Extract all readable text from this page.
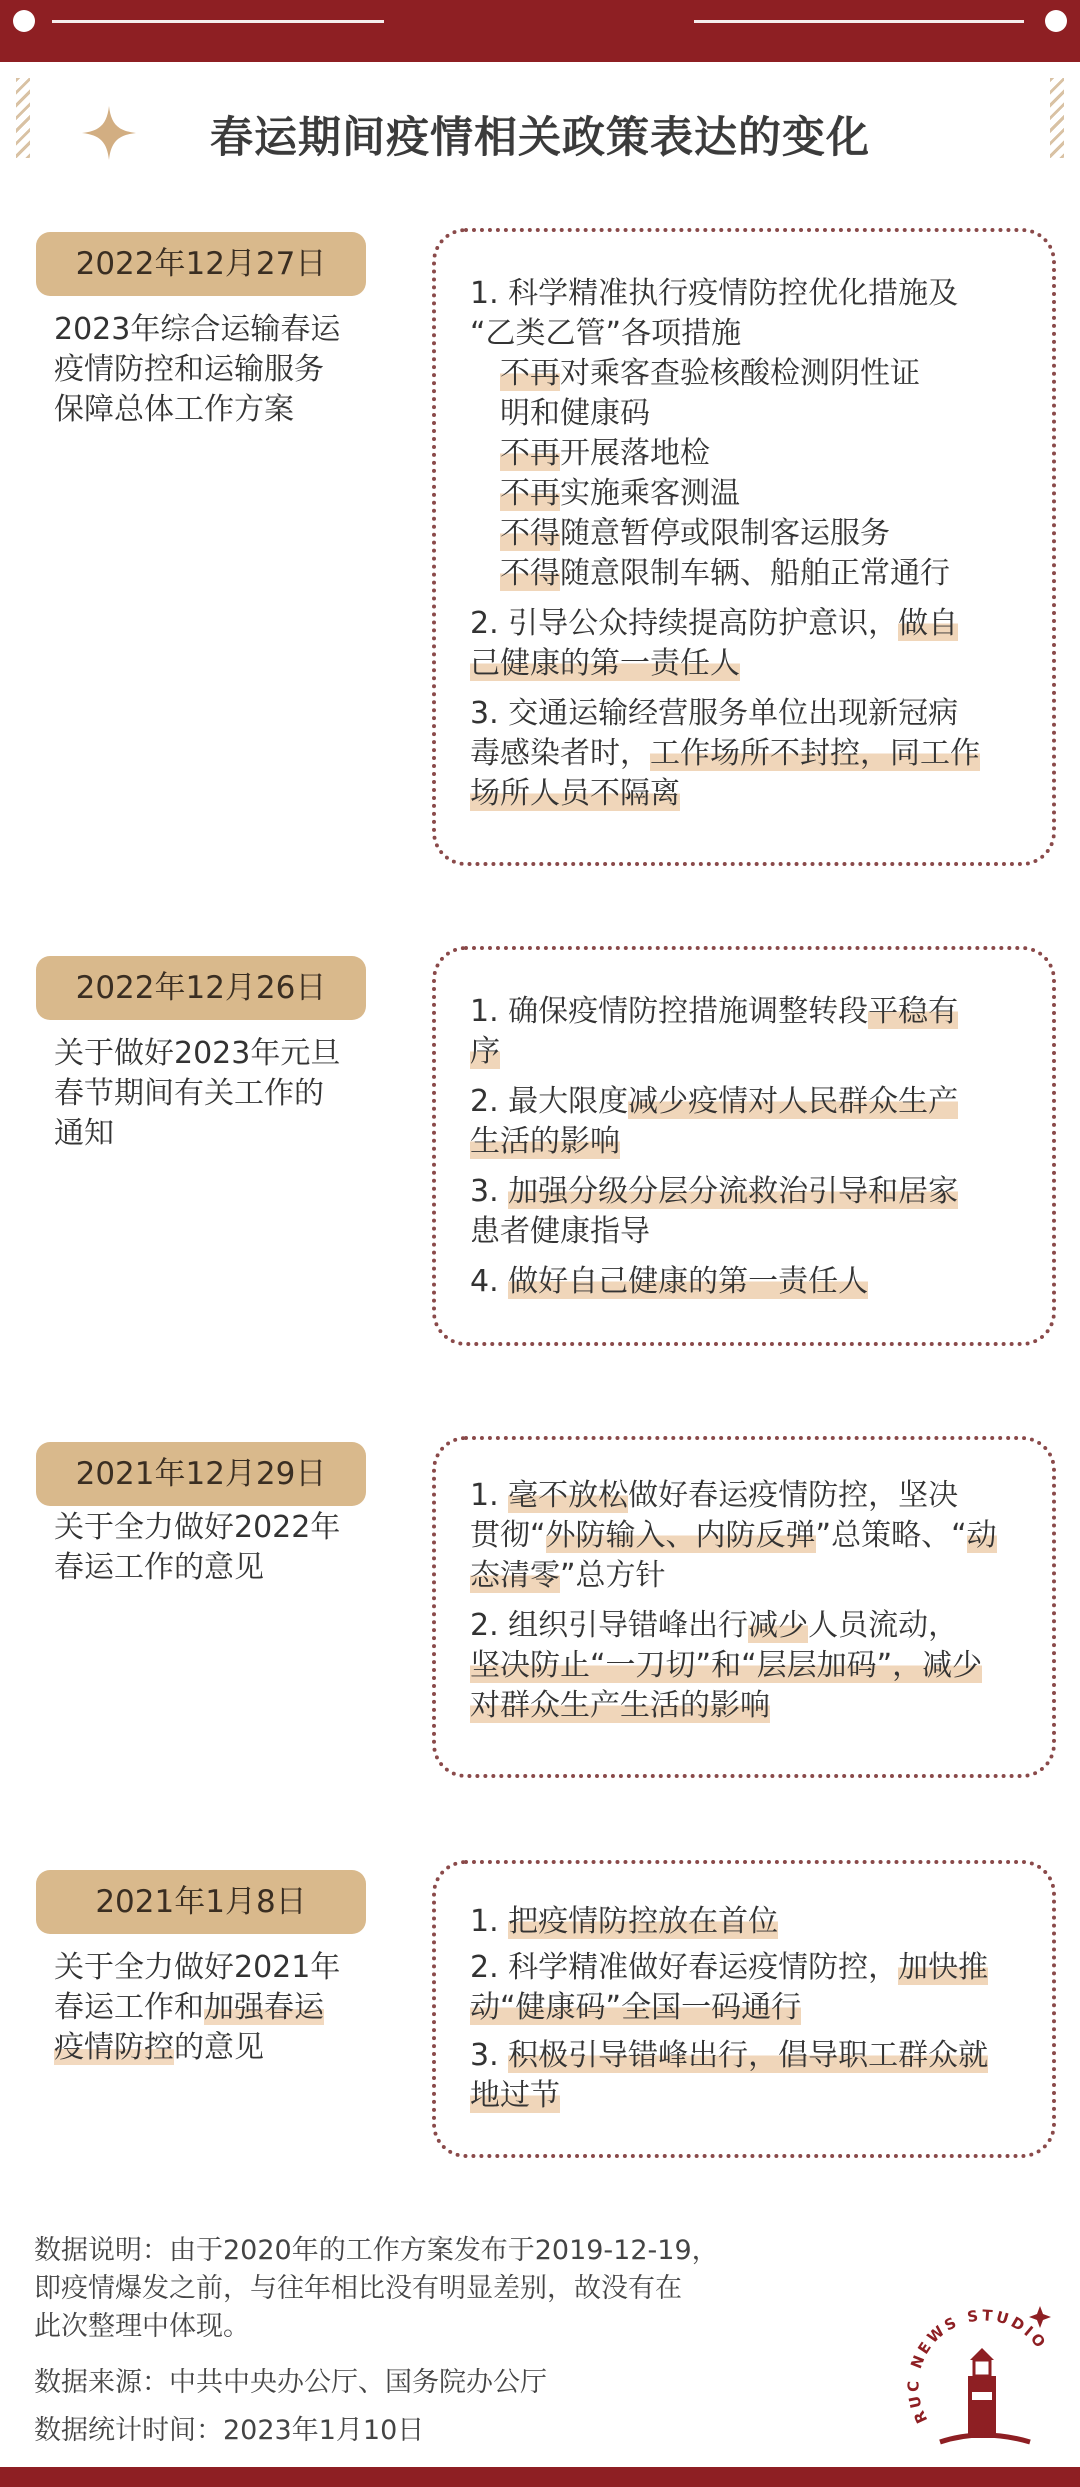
春运期间疫情相关政策表达的变化
2022年12月27日
2023年综合运输春运
疫情防控和运输服务
保障总体工作方案
1. 科学精准执行疫情防控优化措施及
“乙类乙管”各项措施
不再对乘客查验核酸检测阴性证
明和健康码
不再开展落地检
不再实施乘客测温
不得随意暂停或限制客运服务
不得随意限制车辆、船舶正常通行
2. 引导公众持续提高防护意识，做自
己健康的第一责任人
3. 交通运输经营服务单位出现新冠病
毒感染者时，工作场所不封控，同工作
场所人员不隔离
2022年12月26日
关于做好2023年元旦
春节期间有关工作的
通知
1. 确保疫情防控措施调整转段平稳有
序
2. 最大限度减少疫情对人民群众生产
生活的影响
3. 加强分级分层分流救治引导和居家
患者健康指导
4. 做好自己健康的第一责任人
2021年12月29日
关于全力做好2022年
春运工作的意见
1. 毫不放松做好春运疫情防控，坚决
贯彻“外防输入、内防反弹”总策略、“动
态清零”总方针
2. 组织引导错峰出行减少人员流动，
坚决防止“一刀切”和“层层加码”，减少
对群众生产生活的影响
2021年1月8日
关于全力做好2021年
春运工作和加强春运
疫情防控的意见
1. 把疫情防控放在首位
2. 科学精准做好春运疫情防控，加快推
动“健康码”全国一码通行
3. 积极引导错峰出行，倡导职工群众就
地过节
数据说明：由于2020年的工作方案发布于2019-12-19，
即疫情爆发之前，与往年相比没有明显差别，故没有在
此次整理中体现。
数据来源：中共中央办公厅、国务院办公厅
数据统计时间：2023年1月10日	RUC NEWS STUDIO
